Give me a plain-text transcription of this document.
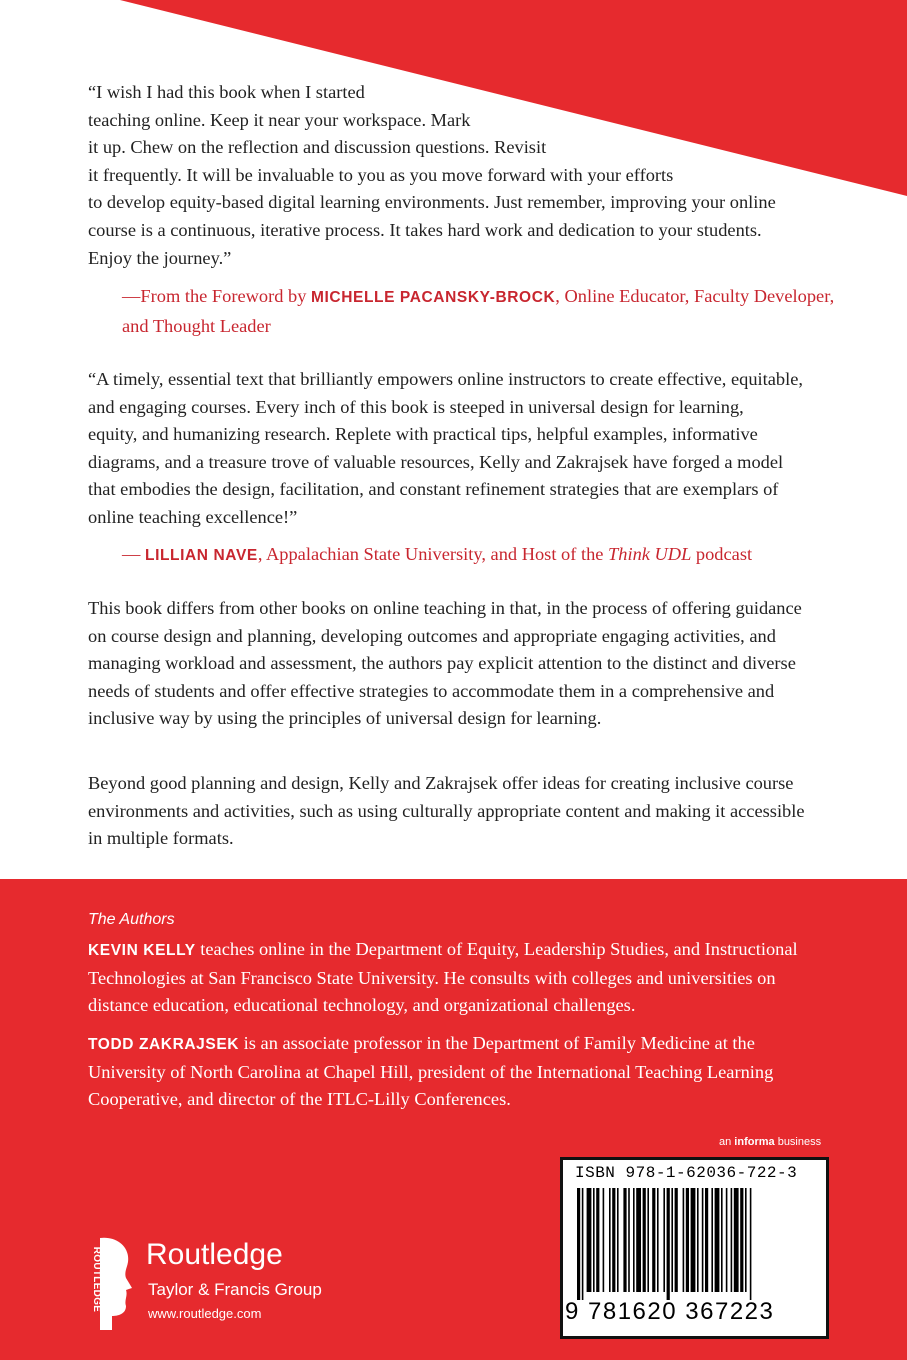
“I wish I had this book when I started
teaching online. Keep it near your workspace. Mark
it up. Chew on the reflection and discussion questions. Revisit
it frequently. It will be invaluable to you as you move forward with your efforts
to develop equity-based digital learning environments. Just remember, improving your online
course is a continuous, iterative process. It takes hard work and dedication to your students.
Enjoy the journey.”
—From the Foreword by MICHELLE PACANSKY-BROCK, Online Educator, Faculty Developer,
and Thought Leader
“A timely, essential text that brilliantly empowers online instructors to create effective, equitable,
and engaging courses. Every inch of this book is steeped in universal design for learning,
equity, and humanizing research. Replete with practical tips, helpful examples, informative
diagrams, and a treasure trove of valuable resources, Kelly and Zakrajsek have forged a model
that embodies the design, facilitation, and constant refinement strategies that are exemplars of
online teaching excellence!”
— LILLIAN NAVE, Appalachian State University, and Host of the Think UDL podcast
This book differs from other books on online teaching in that, in the process of offering guidance
on course design and planning, developing outcomes and appropriate engaging activities, and
managing workload and assessment, the authors pay explicit attention to the distinct and diverse
needs of students and offer effective strategies to accommodate them in a comprehensive and
inclusive way by using the principles of universal design for learning.
Beyond good planning and design, Kelly and Zakrajsek offer ideas for creating inclusive course
environments and activities, such as using culturally appropriate content and making it accessible
in multiple formats.
The Authors
KEVIN KELLY teaches online in the Department of Equity, Leadership Studies, and Instructional
Technologies at San Francisco State University. He consults with colleges and universities on
distance education, educational technology, and organizational challenges.
TODD ZAKRAJSEK is an associate professor in the Department of Family Medicine at the
University of North Carolina at Chapel Hill, president of the International Teaching Learning
Cooperative, and director of the ITLC-Lilly Conferences.
an informa business
ISBN 978-1-62036-722-3
9 781620 367223
ROUTLEDGE Routledge
Taylor & Francis Group
www.routledge.com
